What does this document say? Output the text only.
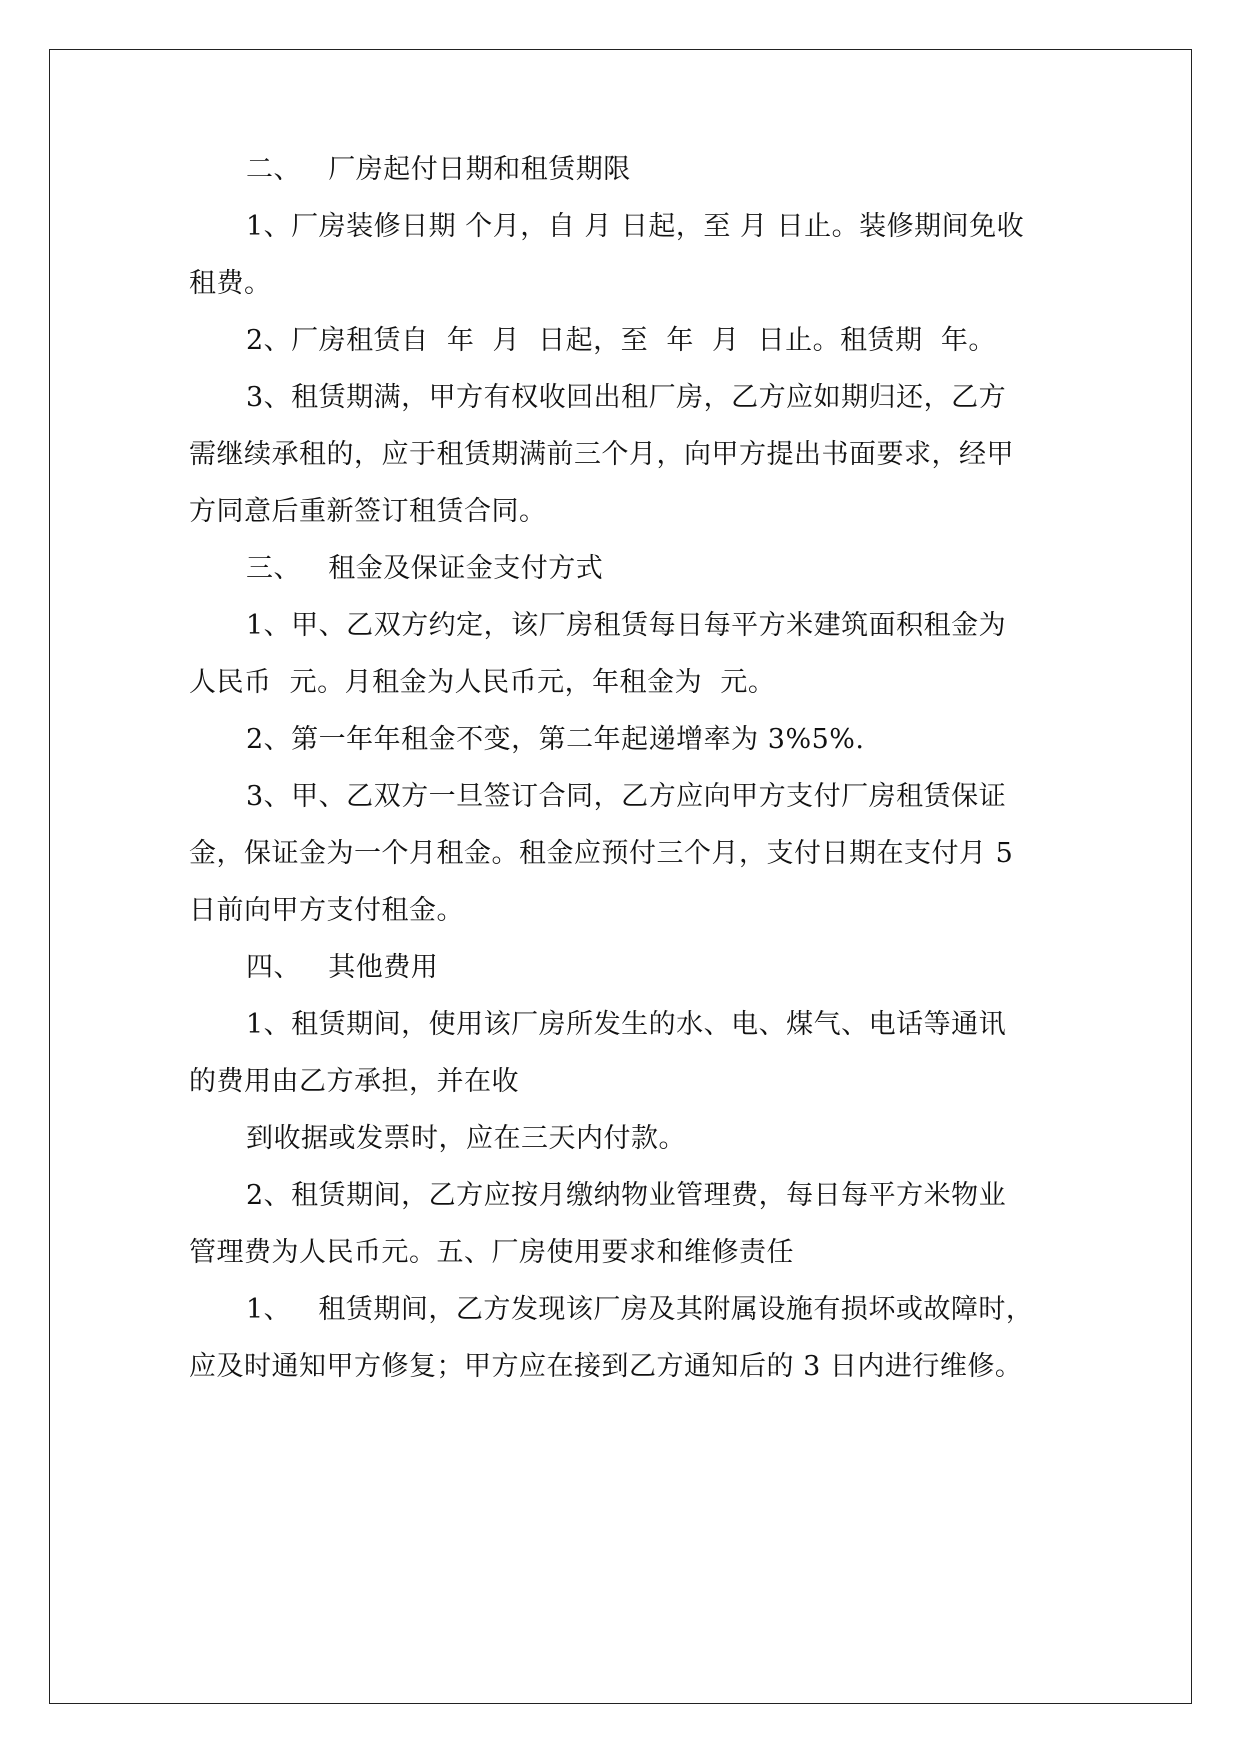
二、   厂房起付日期和租赁期限
1、厂房装修日期 个月，自 月 日起，至 月 日止。装修期间免收
租费。
2、厂房租赁自  年  月  日起，至  年  月  日止。租赁期  年。
3、租赁期满，甲方有权收回出租厂房，乙方应如期归还，乙方
需继续承租的，应于租赁期满前三个月，向甲方提出书面要求，经甲
方同意后重新签订租赁合同。
三、   租金及保证金支付方式
1、甲、乙双方约定，该厂房租赁每日每平方米建筑面积租金为
人民币  元。月租金为人民币元，年租金为  元。
2、第一年年租金不变，第二年起递增率为 3%5%.
3、甲、乙双方一旦签订合同，乙方应向甲方支付厂房租赁保证
金，保证金为一个月租金。租金应预付三个月，支付日期在支付月 5
日前向甲方支付租金。
四、   其他费用
1、租赁期间，使用该厂房所发生的水、电、煤气、电话等通讯
的费用由乙方承担，并在收
到收据或发票时，应在三天内付款。
2、租赁期间，乙方应按月缴纳物业管理费，每日每平方米物业
管理费为人民币元。五、厂房使用要求和维修责任
1、   租赁期间，乙方发现该厂房及其附属设施有损坏或故障时，
应及时通知甲方修复；甲方应在接到乙方通知后的 3 日内进行维修。
